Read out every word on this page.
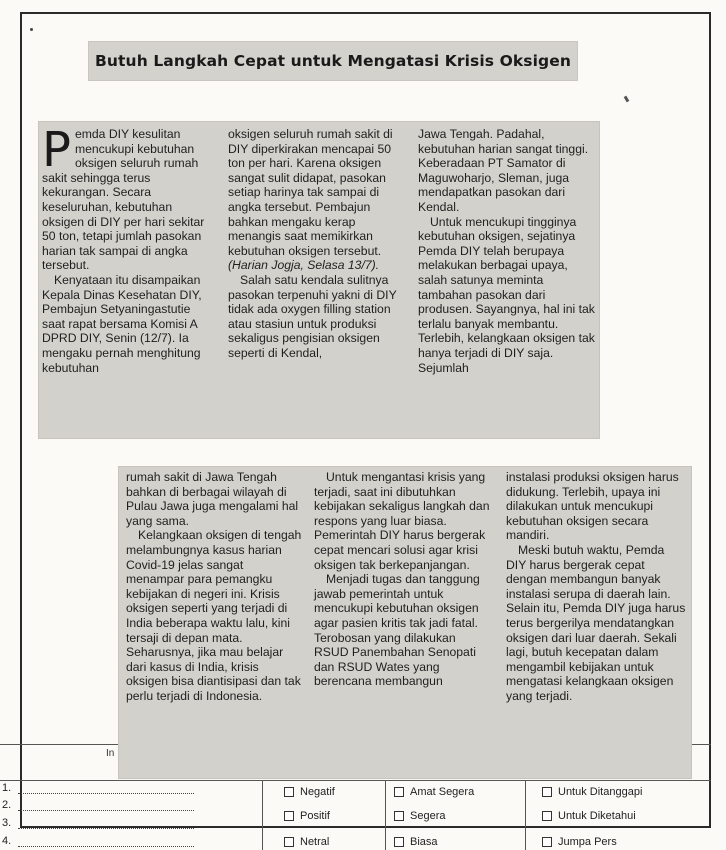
Butuh Langkah Cepat untuk Mengatasi Krisis Oksigen

Pemda DIY kesulitan mencukupi kebutuhan oksigen seluruh rumah sakit sehingga terus kekurangan. Secara keseluruhan, kebutuhan oksigen di DIY per hari sekitar 50 ton, tetapi jumlah pasokan harian tak sampai di angka tersebut.

Kenyataan itu disampaikan Kepala Dinas Kesehatan DIY, Pembajun Setyaningastutie saat rapat bersama Komisi A DPRD DIY, Senin (12/7). Ia mengaku pernah menghitung kebutuhan

oksigen seluruh rumah sakit di DIY diperkirakan mencapai 50 ton per hari. Karena oksigen sangat sulit didapat, pasokan setiap harinya tak sampai di angka tersebut. Pembajun bahkan mengaku kerap menangis saat memikirkan kebutuhan oksigen tersebut. (Harian Jogja, Selasa 13/7).

Salah satu kendala sulitnya pasokan terpenuhi yakni di DIY tidak ada oxygen filling station atau stasiun untuk produksi sekaligus pengisian oksigen seperti di Kendal,

Jawa Tengah. Padahal, kebutuhan harian sangat tinggi. Keberadaan PT Samator di Maguwoharjo, Sleman, juga mendapatkan pasokan dari Kendal.

Untuk mencukupi tingginya kebutuhan oksigen, sejatinya Pemda DIY telah berupaya melakukan berbagai upaya, salah satunya meminta tambahan pasokan dari produsen. Sayangnya, hal ini tak terlalu banyak membantu. Terlebih, kelangkaan oksigen tak hanya terjadi di DIY saja. Sejumlah

In
1.
2.
3.
4.
Negatif
Positif
Netral
Amat Segera
Segera
Biasa
Untuk Ditanggapi
Untuk Diketahui
Jumpa Pers

rumah sakit di Jawa Tengah bahkan di berbagai wilayah di Pulau Jawa juga mengalami hal yang sama.

Kelangkaan oksigen di tengah melambungnya kasus harian Covid-19 jelas sangat menampar para pemangku kebijakan di negeri ini. Krisis oksigen seperti yang terjadi di India beberapa waktu lalu, kini tersaji di depan mata. Seharusnya, jika mau belajar dari kasus di India, krisis oksigen bisa diantisipasi dan tak perlu terjadi di Indonesia.

Untuk mengantasi krisis yang terjadi, saat ini dibutuhkan kebijakan sekaligus langkah dan respons yang luar biasa. Pemerintah DIY harus bergerak cepat mencari solusi agar krisi oksigen tak berkepanjangan.

Menjadi tugas dan tanggung jawab pemerintah untuk mencukupi kebutuhan oksigen agar pasien kritis tak jadi fatal. Terobosan yang dilakukan RSUD Panembahan Senopati dan RSUD Wates yang berencana membangun

instalasi produksi oksigen harus didukung. Terlebih, upaya ini dilakukan untuk mencukupi kebutuhan oksigen secara mandiri.

Meski butuh waktu, Pemda DIY harus bergerak cepat dengan membangun banyak instalasi serupa di daerah lain. Selain itu, Pemda DIY juga harus terus bergerilya mendatangkan oksigen dari luar daerah. Sekali lagi, butuh kecepatan dalam mengambil kebijakan untuk mengatasi kelangkaan oksigen yang terjadi.
